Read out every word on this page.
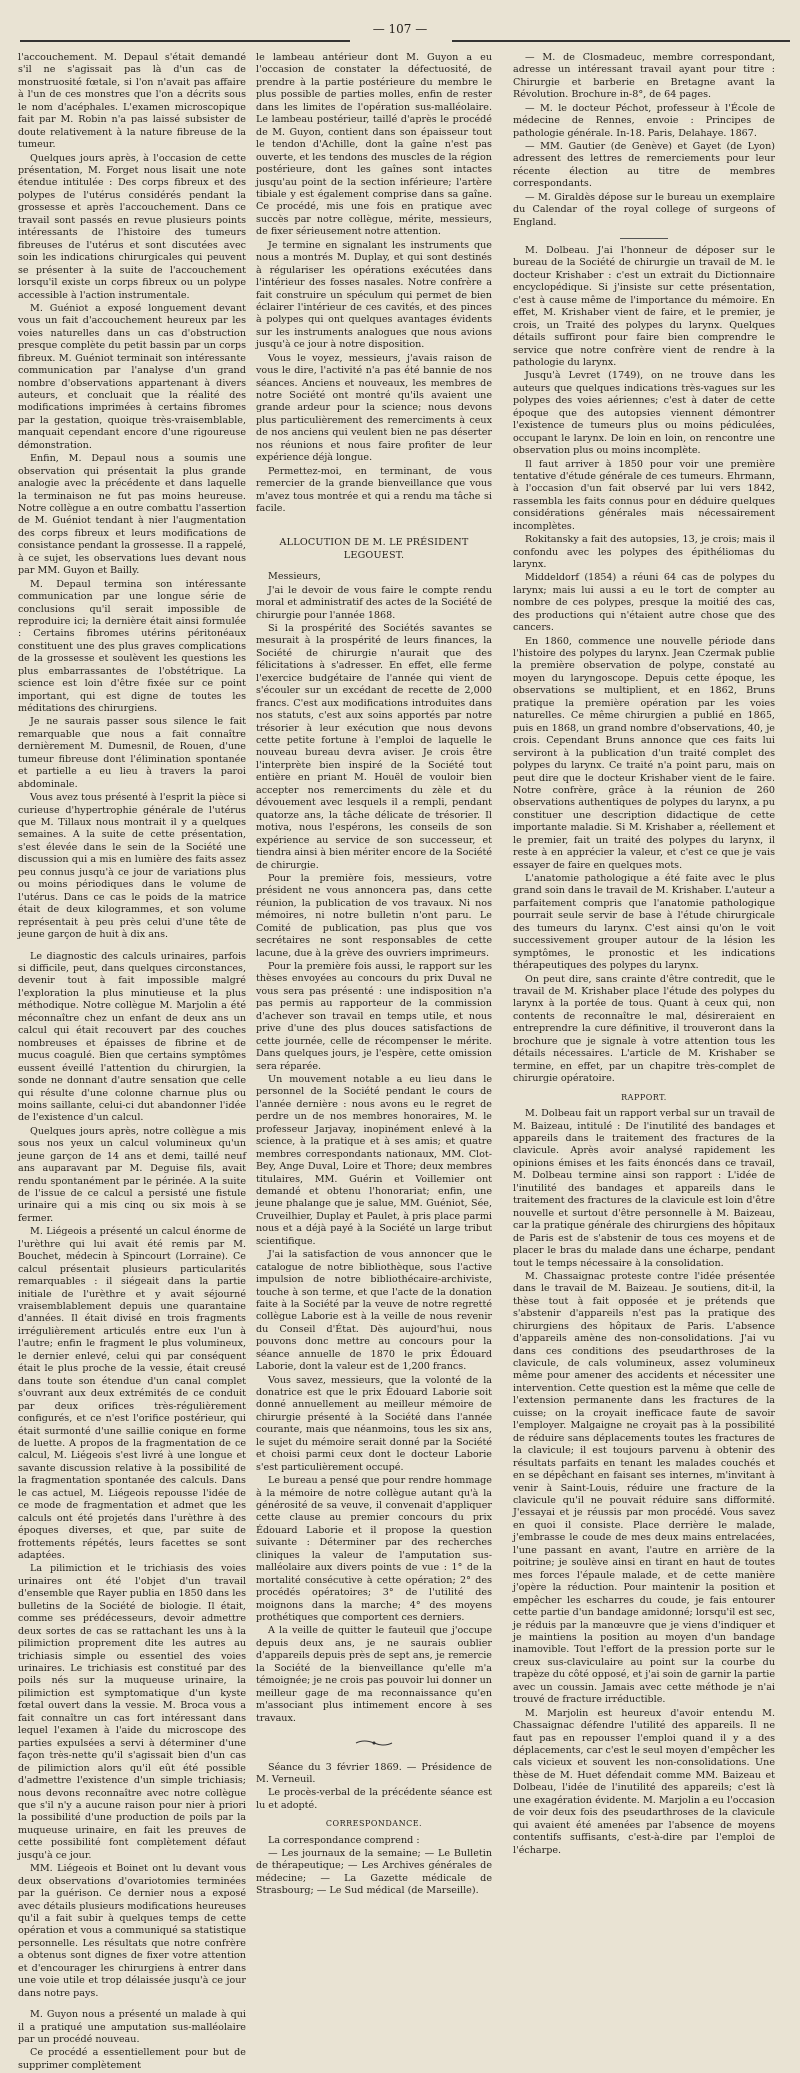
— 107 —

l'accouchement. M. Depaul s'était demandé s'il ne s'agissait pas là d'un cas de monstruosité fœtale, si l'on n'avait pas affaire à l'un de ces monstres que l'on a décrits sous le nom d'acéphales. L'examen microscopique fait par M. Robin n'a pas laissé subsister de doute relativement à la nature fibreuse de la tumeur.

Quelques jours après, à l'occasion de cette présentation, M. Forget nous lisait une note étendue intitulée : Des corps fibreux et des polypes de l'utérus considérés pendant la grossesse et après l'accouchement. Dans ce travail sont passés en revue plusieurs points intéressants de l'histoire des tumeurs fibreuses de l'utérus et sont discutées avec soin les indications chirurgicales qui peuvent se présenter à la suite de l'accouchement lorsqu'il existe un corps fibreux ou un polype accessible à l'action instrumentale.

M. Guéniot a exposé longuement devant vous un fait d'accouchement heureux par les voies naturelles dans un cas d'obstruction presque complète du petit bassin par un corps fibreux. M. Guéniot terminait son intéressante communication par l'analyse d'un grand nombre d'observations appartenant à divers auteurs, et concluait que la réalité des modifications imprimées à certains fibromes par la gestation, quoique très-vraisemblable, manquait cependant encore d'une rigoureuse démonstration.

Enfin, M. Depaul nous a soumis une observation qui présentait la plus grande analogie avec la précédente et dans laquelle la terminaison ne fut pas moins heureuse. Notre collègue a en outre combattu l'assertion de M. Guéniot tendant à nier l'augmentation des corps fibreux et leurs modifications de consistance pendant la grossesse. Il a rappelé, à ce sujet, les observations lues devant nous par MM. Guyon et Bailly.

M. Depaul termina son intéressante communication par une longue série de conclusions qu'il serait impossible de reproduire ici; la dernière était ainsi formulée : Certains fibromes utérins péritonéaux constituent une des plus graves complications de la grossesse et soulèvent les questions les plus embarrassantes de l'obstétrique. La science est loin d'être fixée sur ce point important, qui est digne de toutes les méditations des chirurgiens.

Je ne saurais passer sous silence le fait remarquable que nous a fait connaître dernièrement M. Dumesnil, de Rouen, d'une tumeur fibreuse dont l'élimination spontanée et partielle a eu lieu à travers la paroi abdominale.

Vous avez tous présenté à l'esprit la pièce si curieuse d'hypertrophie générale de l'utérus que M. Tillaux nous montrait il y a quelques semaines. A la suite de cette présentation, s'est élevée dans le sein de la Société une discussion qui a mis en lumière des faits assez peu connus jusqu'à ce jour de variations plus ou moins périodiques dans le volume de l'utérus. Dans ce cas le poids de la matrice était de deux kilogrammes, et son volume représentait à peu près celui d'une tête de jeune garçon de huit à dix ans.

Le diagnostic des calculs urinaires, parfois si difficile, peut, dans quelques circonstances, devenir tout à fait impossible malgré l'exploration la plus minutieuse et la plus méthodique. Notre collègue M. Marjolin a été méconnaître chez un enfant de deux ans un calcul qui était recouvert par des couches nombreuses et épaisses de fibrine et de mucus coagulé. Bien que certains symptômes eussent éveillé l'attention du chirurgien, la sonde ne donnant d'autre sensation que celle qui résulte d'une colonne charnue plus ou moins saillante, celui-ci dut abandonner l'idée de l'existence d'un calcul.

Quelques jours après, notre collègue a mis sous nos yeux un calcul volumineux qu'un jeune garçon de 14 ans et demi, taillé neuf ans auparavant par M. Deguise fils, avait rendu spontanément par le périnée. A la suite de l'issue de ce calcul a persisté une fistule urinaire qui a mis cinq ou six mois à se fermer.

M. Liégeois a présenté un calcul énorme de l'urèthre qui lui avait été remis par M. Bouchet, médecin à Spincourt (Lorraine). Ce calcul présentait plusieurs particularités remarquables : il siégeait dans la partie initiale de l'urèthre et y avait séjourné vraisemblablement depuis une quarantaine d'années. Il était divisé en trois fragments irrégulièrement articulés entre eux l'un à l'autre; enfin le fragment le plus volumineux, le dernier enlevé, celui qui par conséquent était le plus proche de la vessie, était creusé dans toute son étendue d'un canal complet s'ouvrant aux deux extrémités de ce conduit par deux orifices très-régulièrement configurés, et ce n'est l'orifice postérieur, qui était surmonté d'une saillie conique en forme de luette. A propos de la fragmentation de ce calcul, M. Liégeois s'est livré à une longue et savante discussion relative à la possibilité de la fragmentation spontanée des calculs. Dans le cas actuel, M. Liégeois repousse l'idée de ce mode de fragmentation et admet que les calculs ont été projetés dans l'urèthre à des époques diverses, et que, par suite de frottements répétés, leurs facettes se sont adaptées.

La pilimiction et le trichiasis des voies urinaires ont été l'objet d'un travail d'ensemble que Rayer publia en 1850 dans les bulletins de la Société de biologie. Il était, comme ses prédécesseurs, devoir admettre deux sortes de cas se rattachant les uns à la pilimiction proprement dite les autres au trichiasis simple ou essentiel des voies urinaires. Le trichiasis est constitué par des poils nés sur la muqueuse urinaire, la pilimiction est symptomatique d'un kyste fœtal ouvert dans la vessie. M. Broca vous a fait connaître un cas fort intéressant dans lequel l'examen à l'aide du microscope des parties expulsées a servi à déterminer d'une façon très-nette qu'il s'agissait bien d'un cas de pilimiction alors qu'il eût été possible d'admettre l'existence d'un simple trichiasis; nous devons reconnaître avec notre collègue que s'il n'y a aucune raison pour nier à priori la possibilité d'une production de poils par la muqueuse urinaire, en fait les preuves de cette possibilité font complètement défaut jusqu'à ce jour.

MM. Liégeois et Boinet ont lu devant vous deux observations d'ovariotomies terminées par la guérison. Ce dernier nous a exposé avec détails plusieurs modifications heureuses qu'il a fait subir à quelques temps de cette opération et vous a communiqué sa statistique personnelle. Les résultats que notre confrère a obtenus sont dignes de fixer votre attention et d'encourager les chirurgiens à entrer dans une voie utile et trop délaissée jusqu'à ce jour dans notre pays.

M. Guyon nous a présenté un malade à qui il a pratiqué une amputation sus-malléolaire par un procédé nouveau.

Ce procédé a essentiellement pour but de supprimer complètement

le lambeau antérieur dont M. Guyon a eu l'occasion de constater la défectuosité, de prendre à la partie postérieure du membre le plus possible de parties molles, enfin de rester dans les limites de l'opération sus-malléolaire. Le lambeau postérieur, taillé d'après le procédé de M. Guyon, contient dans son épaisseur tout le tendon d'Achille, dont la gaîne n'est pas ouverte, et les tendons des muscles de la région postérieure, dont les gaînes sont intactes jusqu'au point de la section inférieure; l'artère tibiale y est également comprise dans sa gaîne. Ce procédé, mis une fois en pratique avec succès par notre collègue, mérite, messieurs, de fixer sérieusement notre attention.

Je termine en signalant les instruments que nous a montrés M. Duplay, et qui sont destinés à régulariser les opérations exécutées dans l'intérieur des fosses nasales. Notre confrère a fait construire un spéculum qui permet de bien éclairer l'intérieur de ces cavités, et des pinces à polypes qui ont quelques avantages évidents sur les instruments analogues que nous avions jusqu'à ce jour à notre disposition.

Vous le voyez, messieurs, j'avais raison de vous le dire, l'activité n'a pas été bannie de nos séances. Anciens et nouveaux, les membres de notre Société ont montré qu'ils avaient une grande ardeur pour la science; nous devons plus particulièrement des remerciments à ceux de nos anciens qui veulent bien ne pas déserter nos réunions et nous faire profiter de leur expérience déjà longue.

Permettez-moi, en terminant, de vous remercier de la grande bienveillance que vous m'avez tous montrée et qui a rendu ma tâche si facile.

ALLOCUTION DE M. LE PRÉSIDENT LEGOUEST.

Messieurs,

J'ai le devoir de vous faire le compte rendu moral et administratif des actes de la Société de chirurgie pour l'année 1868.

Si la prospérité des Sociétés savantes se mesurait à la prospérité de leurs finances, la Société de chirurgie n'aurait que des félicitations à s'adresser. En effet, elle ferme l'exercice budgétaire de l'année qui vient de s'écouler sur un excédant de recette de 2,000 francs. C'est aux modifications introduites dans nos statuts, c'est aux soins apportés par notre trésorier à leur exécution que nous devons cette petite fortune à l'emploi de laquelle le nouveau bureau devra aviser. Je crois être l'interprète bien inspiré de la Société tout entière en priant M. Houël de vouloir bien accepter nos remerciments du zèle et du dévouement avec lesquels il a rempli, pendant quatorze ans, la tâche délicate de trésorier. Il motiva, nous l'espérons, les conseils de son expérience au service de son successeur, et tiendra ainsi à bien mériter encore de la Société de chirurgie.

Pour la première fois, messieurs, votre président ne vous annoncera pas, dans cette réunion, la publication de vos travaux. Ni nos mémoires, ni notre bulletin n'ont paru. Le Comité de publication, pas plus que vos secrétaires ne sont responsables de cette lacune, due à la grève des ouvriers imprimeurs.

Pour la première fois aussi, le rapport sur les thèses envoyées au concours du prix Duval ne vous sera pas présenté : une indisposition n'a pas permis au rapporteur de la commission d'achever son travail en temps utile, et nous prive d'une des plus douces satisfactions de cette journée, celle de récompenser le mérite. Dans quelques jours, je l'espère, cette omission sera réparée.

Un mouvement notable a eu lieu dans le personnel de la Société pendant le cours de l'année dernière : nous avons eu le regret de perdre un de nos membres honoraires, M. le professeur Jarjavay, inopinément enlevé à la science, à la pratique et à ses amis; et quatre membres correspondants nationaux, MM. Clot-Bey, Ange Duval, Loire et Thore; deux membres titulaires, MM. Guérin et Voillemier ont demandé et obtenu l'honorariat; enfin, une jeune phalange que je salue, MM. Guéniot, Sée, Cruveilhier, Duplay et Paulet, à pris place parmi nous et a déjà payé à la Société un large tribut scientifique.

J'ai la satisfaction de vous annoncer que le catalogue de notre bibliothèque, sous l'active impulsion de notre bibliothécaire-archiviste, touche à son terme, et que l'acte de la donation faite à la Société par la veuve de notre regretté collègue Laborie est à la veille de nous revenir du Conseil d'État. Dès aujourd'hui, nous pouvons donc mettre au concours pour la séance annuelle de 1870 le prix Édouard Laborie, dont la valeur est de 1,200 francs.

Vous savez, messieurs, que la volonté de la donatrice est que le prix Édouard Laborie soit donné annuellement au meilleur mémoire de chirurgie présenté à la Société dans l'année courante, mais que néanmoins, tous les six ans, le sujet du mémoire serait donné par la Société et choisi parmi ceux dont le docteur Laborie s'est particulièrement occupé.

Le bureau a pensé que pour rendre hommage à la mémoire de notre collègue autant qu'à la générosité de sa veuve, il convenait d'appliquer cette clause au premier concours du prix Édouard Laborie et il propose la question suivante : Déterminer par des recherches cliniques la valeur de l'amputation sus-malléolaire aux divers points de vue : 1° de la mortalité consécutive à cette opération; 2° des procédés opératoires; 3° de l'utilité des moignons dans la marche; 4° des moyens prothétiques que comportent ces derniers.

A la veille de quitter le fauteuil que j'occupe depuis deux ans, je ne saurais oublier d'appareils depuis près de sept ans, je remercie la Société de la bienveillance qu'elle m'a témoignée; je ne crois pas pouvoir lui donner un meilleur gage de ma reconnaissance qu'en m'associant plus intimement encore à ses travaux.

Séance du 3 février 1869. — Présidence de M. Verneuil.

Le procès-verbal de la précédente séance est lu et adopté.

CORRESPONDANCE.

La correspondance comprend :

— Les journaux de la semaine; — Le Bulletin de thérapeutique; — Les Archives générales de médecine; — La Gazette médicale de Strasbourg; — Le Sud médical (de Marseille).

— M. de Closmadeuc, membre correspondant, adresse un intéressant travail ayant pour titre : Chirurgie et barberie en Bretagne avant la Révolution. Brochure in-8°, de 64 pages.

— M. le docteur Péchot, professeur à l'École de médecine de Rennes, envoie : Principes de pathologie générale. In-18. Paris, Delahaye. 1867.

— MM. Gautier (de Genève) et Gayet (de Lyon) adressent des lettres de remerciements pour leur récente élection au titre de membres correspondants.

— M. Giraldès dépose sur le bureau un exemplaire du Calendar of the royal college of surgeons of England.

M. Dolbeau. J'ai l'honneur de déposer sur le bureau de la Société de chirurgie un travail de M. le docteur Krishaber : c'est un extrait du Dictionnaire encyclopédique. Si j'insiste sur cette présentation, c'est à cause même de l'importance du mémoire. En effet, M. Krishaber vient de faire, et le premier, je crois, un Traité des polypes du larynx. Quelques détails suffiront pour faire bien comprendre le service que notre confrère vient de rendre à la pathologie du larynx.

Jusqu'à Levret (1749), on ne trouve dans les auteurs que quelques indications très-vagues sur les polypes des voies aériennes; c'est à dater de cette époque que des autopsies viennent démontrer l'existence de tumeurs plus ou moins pédiculées, occupant le larynx. De loin en loin, on rencontre une observation plus ou moins incomplète.

Il faut arriver à 1850 pour voir une première tentative d'étude générale de ces tumeurs. Ehrmann, à l'occasion d'un fait observé par lui vers 1842, rassembla les faits connus pour en déduire quelques considérations générales mais nécessairement incomplètes.

Rokitansky a fait des autopsies, 13, je crois; mais il confondu avec les polypes des épithéliomas du larynx.

Middeldorf (1854) a réuni 64 cas de polypes du larynx; mais lui aussi a eu le tort de compter au nombre de ces polypes, presque la moitié des cas, des productions qui n'étaient autre chose que des cancers.

En 1860, commence une nouvelle période dans l'histoire des polypes du larynx. Jean Czermak publie la première observation de polype, constaté au moyen du laryngoscope. Depuis cette époque, les observations se multiplient, et en 1862, Bruns pratique la première opération par les voies naturelles. Ce même chirurgien a publié en 1865, puis en 1868, un grand nombre d'observations, 40, je crois. Cependant Bruns annonce que ces faits lui serviront à la publication d'un traité complet des polypes du larynx. Ce traité n'a point paru, mais on peut dire que le docteur Krishaber vient de le faire. Notre confrère, grâce à la réunion de 260 observations authentiques de polypes du larynx, a pu constituer une description didactique de cette importante maladie. Si M. Krishaber a, réellement et le premier, fait un traité des polypes du larynx, il reste à en apprécier la valeur, et c'est ce que je vais essayer de faire en quelques mots.

L'anatomie pathologique a été faite avec le plus grand soin dans le travail de M. Krishaber. L'auteur a parfaitement compris que l'anatomie pathologique pourrait seule servir de base à l'étude chirurgicale des tumeurs du larynx. C'est ainsi qu'on le voit successivement grouper autour de la lésion les symptômes, le pronostic et les indications thérapeutiques des polypes du larynx.

On peut dire, sans crainte d'être contredit, que le travail de M. Krishaber place l'étude des polypes du larynx à la portée de tous. Quant à ceux qui, non contents de reconnaître le mal, désireraient en entreprendre la cure définitive, il trouveront dans la brochure que je signale à votre attention tous les détails nécessaires. L'article de M. Krishaber se termine, en effet, par un chapitre très-complet de chirurgie opératoire.

RAPPORT.

M. Dolbeau fait un rapport verbal sur un travail de M. Baizeau, intitulé : De l'inutilité des bandages et appareils dans le traitement des fractures de la clavicule. Après avoir analysé rapidement les opinions émises et les faits énoncés dans ce travail, M. Dolbeau termine ainsi son rapport : L'idée de l'inutilité des bandages et appareils dans le traitement des fractures de la clavicule est loin d'être nouvelle et surtout d'être personnelle à M. Baizeau, car la pratique générale des chirurgiens des hôpitaux de Paris est de s'abstenir de tous ces moyens et de placer le bras du malade dans une écharpe, pendant tout le temps nécessaire à la consolidation.

M. Chassaignac proteste contre l'idée présentée dans le travail de M. Baizeau. Je soutiens, dit-il, la thèse tout à fait opposée et je prétends que s'abstenir d'appareils n'est pas la pratique des chirurgiens des hôpitaux de Paris. L'absence d'appareils amène des non-consolidations. J'ai vu dans ces conditions des pseudarthroses de la clavicule, de cals volumineux, assez volumineux même pour amener des accidents et nécessiter une intervention. Cette question est la même que celle de l'extension permanente dans les fractures de la cuisse; on la croyait inefficace faute de savoir l'employer. Malgaigne ne croyait pas à la possibilité de réduire sans déplacements toutes les fractures de la clavicule; il est toujours parvenu à obtenir des résultats parfaits en tenant les malades couchés et en se dépêchant en faisant ses internes, m'invitant à venir à Saint-Louis, réduire une fracture de la clavicule qu'il ne pouvait réduire sans difformité. J'essayai et je réussis par mon procédé. Vous savez en quoi il consiste. Place derrière le malade, j'embrasse le coude de mes deux mains entrelacées, l'une passant en avant, l'autre en arrière de la poitrine; je soulève ainsi en tirant en haut de toutes mes forces l'épaule malade, et de cette manière j'opère la réduction. Pour maintenir la position et empêcher les escharres du coude, je fais entourer cette partie d'un bandage amidonné; lorsqu'il est sec, je réduis par la manœuvre que je viens d'indiquer et je maintiens la position au moyen d'un bandage inamovible. Tout l'effort de la pression porte sur le creux sus-claviculaire au point sur la courbe du trapèze du côté opposé, et j'ai soin de garnir la partie avec un coussin. Jamais avec cette méthode je n'ai trouvé de fracture irréductible.

M. Marjolin est heureux d'avoir entendu M. Chassaignac défendre l'utilité des appareils. Il ne faut pas en repousser l'emploi quand il y a des déplacements, car c'est le seul moyen d'empêcher les cals vicieux et souvent les non-consolidations. Une thèse de M. Huet défendait comme MM. Baizeau et Dolbeau, l'idée de l'inutilité des appareils; c'est là une exagération évidente. M. Marjolin a eu l'occasion de voir deux fois des pseudarthroses de la clavicule qui avaient été amenées par l'absence de moyens contentifs suffisants, c'est-à-dire par l'emploi de l'écharpe.
